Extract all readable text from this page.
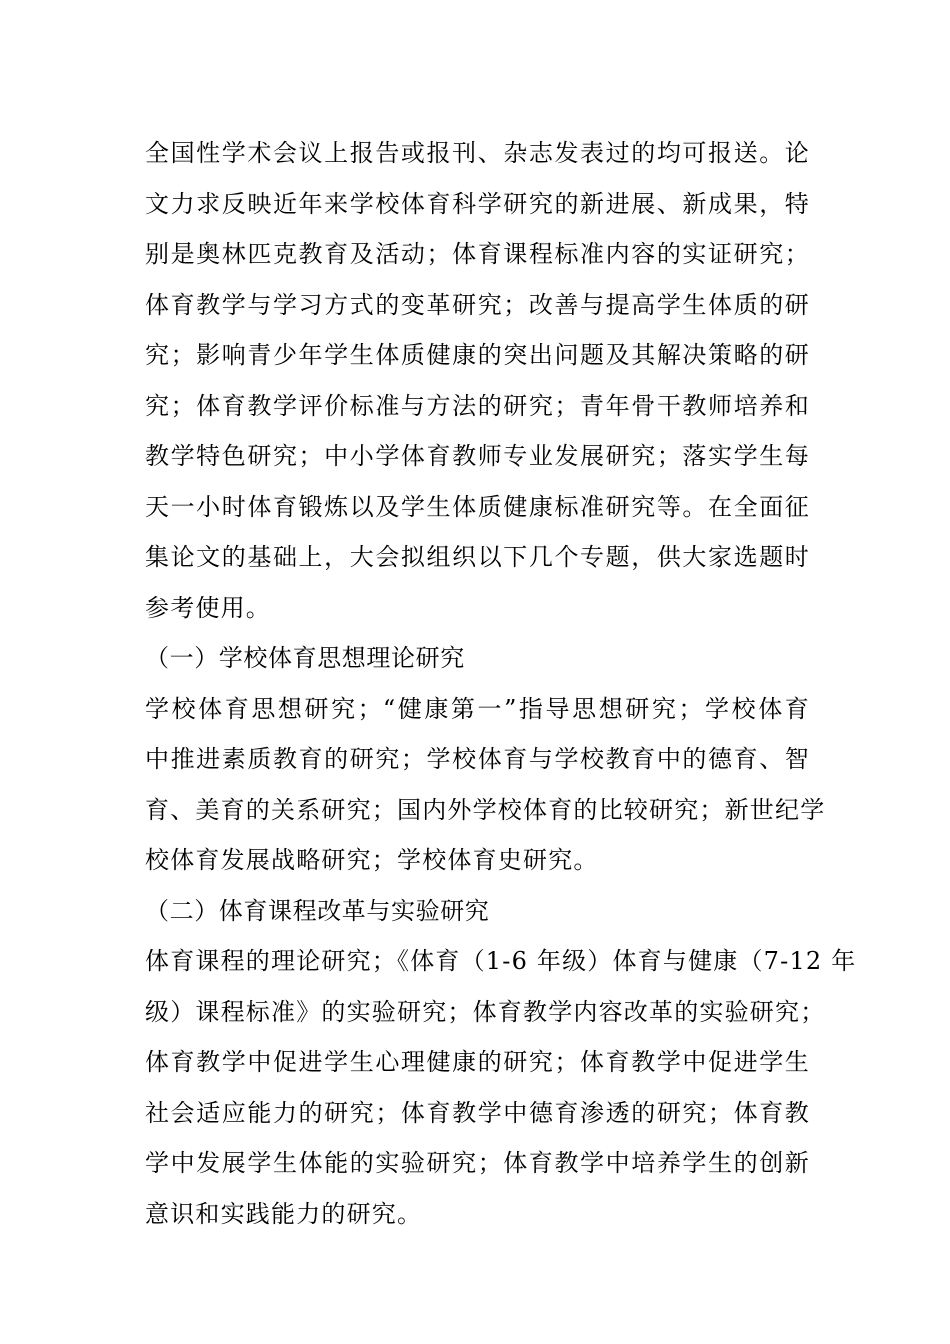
全国性学术会议上报告或报刊、杂志发表过的均可报送。论
文力求反映近年来学校体育科学研究的新进展、新成果，特
别是奥林匹克教育及活动；体育课程标准内容的实证研究；
体育教学与学习方式的变革研究；改善与提高学生体质的研
究；影响青少年学生体质健康的突出问题及其解决策略的研
究；体育教学评价标准与方法的研究；青年骨干教师培养和
教学特色研究；中小学体育教师专业发展研究；落实学生每
天一小时体育锻炼以及学生体质健康标准研究等。在全面征
集论文的基础上，大会拟组织以下几个专题，供大家选题时
参考使用。
（一）学校体育思想理论研究
学校体育思想研究；“健康第一”指导思想研究；学校体育
中推进素质教育的研究；学校体育与学校教育中的德育、智
育、美育的关系研究；国内外学校体育的比较研究；新世纪学
校体育发展战略研究；学校体育史研究。
（二）体育课程改革与实验研究
体育课程的理论研究；《体育（1-6 年级）体育与健康（7-12 年
级）课程标准》的实验研究；体育教学内容改革的实验研究；
体育教学中促进学生心理健康的研究；体育教学中促进学生
社会适应能力的研究；体育教学中德育渗透的研究；体育教
学中发展学生体能的实验研究；体育教学中培养学生的创新
意识和实践能力的研究。
